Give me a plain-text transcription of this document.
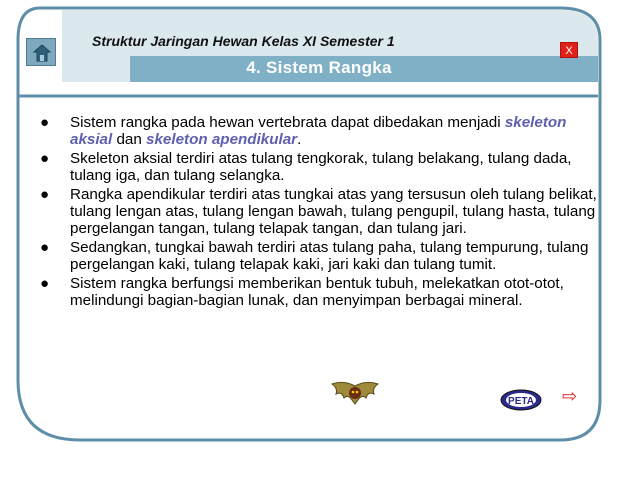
Struktur Jaringan Hewan Kelas XI Semester 1
X
4. Sistem Rangka
● Sistem rangka pada hewan vertebrata dapat dibedakan menjadi skeleton aksial dan skeleton apendikular.
● Skeleton aksial terdiri atas tulang tengkorak, tulang belakang, tulang dada, tulang iga, dan tulang selangka.
● Rangka apendikular terdiri atas tungkai atas yang tersusun oleh tulang belikat, tulang lengan atas, tulang lengan bawah, tulang pengupil, tulang hasta, tulang pergelangan tangan, tulang telapak tangan, dan tulang jari.
● Sedangkan, tungkai bawah terdiri atas tulang paha, tulang tempurung, tulang pergelangan kaki, tulang telapak kaki, jari kaki dan tulang tumit.
● Sistem rangka berfungsi memberikan bentuk tubuh, melekatkan otot-otot, melindungi bagian-bagian lunak, dan menyimpan berbagai mineral.
PETA ⇨
